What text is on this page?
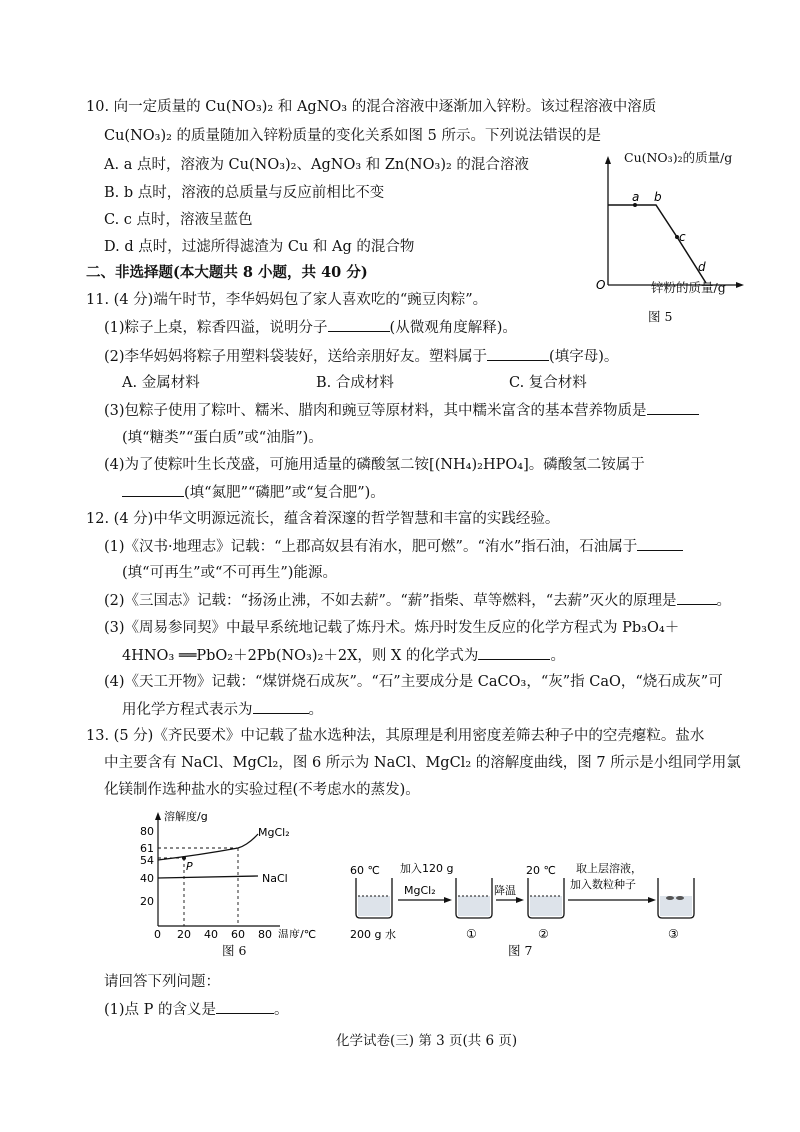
10. 向一定质量的 Cu(NO₃)₂ 和 AgNO₃ 的混合溶液中逐渐加入锌粉。该过程溶液中溶质
Cu(NO₃)₂ 的质量随加入锌粉质量的变化关系如图 5 所示。下列说法错误的是
A. a 点时，溶液为 Cu(NO₃)₂、AgNO₃ 和 Zn(NO₃)₂ 的混合溶液
B. b 点时，溶液的总质量与反应前相比不变
C. c 点时，溶液呈蓝色
D. d 点时，过滤所得滤渣为 Cu 和 Ag 的混合物
a b
c
d
O
Cu(NO₃)₂的质量/g
锌粉的质量/g
图 5
二、非选择题(本大题共 8 小题，共 40 分)
11. (4 分)端午时节，李华妈妈包了家人喜欢吃的“豌豆肉粽”。
(1)粽子上桌，粽香四溢，说明分子	(从微观角度解释)。
(2)李华妈妈将粽子用塑料袋装好，送给亲朋好友。塑料属于	(填字母)。
A. 金属材料	B. 合成材料	C. 复合材料
(3)包粽子使用了粽叶、糯米、腊肉和豌豆等原材料，其中糯米富含的基本营养物质是
(填“糖类”“蛋白质”或“油脂”)。
(4)为了使粽叶生长茂盛，可施用适量的磷酸氢二铵[(NH₄)₂HPO₄]。磷酸氢二铵属于
(填“氮肥”“磷肥”或“复合肥”)。
12. (4 分)中华文明源远流长，蕴含着深邃的哲学智慧和丰富的实践经验。
(1)《汉书·地理志》记载：“上郡高奴县有洧水，肥可燃”。“洧水”指石油，石油属于
(填“可再生”或“不可再生”)能源。
(2)《三国志》记载：“扬汤止沸，不如去薪”。“薪”指柴、草等燃料，“去薪”灭火的原理是	。
(3)《周易参同契》中最早系统地记载了炼丹术。炼丹时发生反应的化学方程式为 Pb₃O₄＋
4HNO₃ ══PbO₂＋2Pb(NO₃)₂＋2X，则 X 的化学式为	。
(4)《天工开物》记载：“煤饼烧石成灰”。“石”主要成分是 CaCO₃，“灰”指 CaO，“烧石成灰”可
用化学方程式表示为	。
13. (5 分)《齐民要术》中记载了盐水选种法，其原理是利用密度差筛去种子中的空壳瘪粒。盐水
中主要含有 NaCl、MgCl₂，图 6 所示为 NaCl、MgCl₂ 的溶解度曲线，图 7 所示是小组同学用氯
化镁制作选种盐水的实验过程(不考虑水的蒸发)。
P
MgCl₂
NaCl
80
61
54
40
20
0 20 40 60 80 温度/℃
溶解度/g
图 6
60 ℃ 加入120 g
MgCl₂	降温
20 ℃ 取上层溶液，
加入数粒种子
200 g 水	①	②	③
图 7
请回答下列问题：
(1)点 P 的含义是	。
化学试卷(三) 第 3 页(共 6 页)
